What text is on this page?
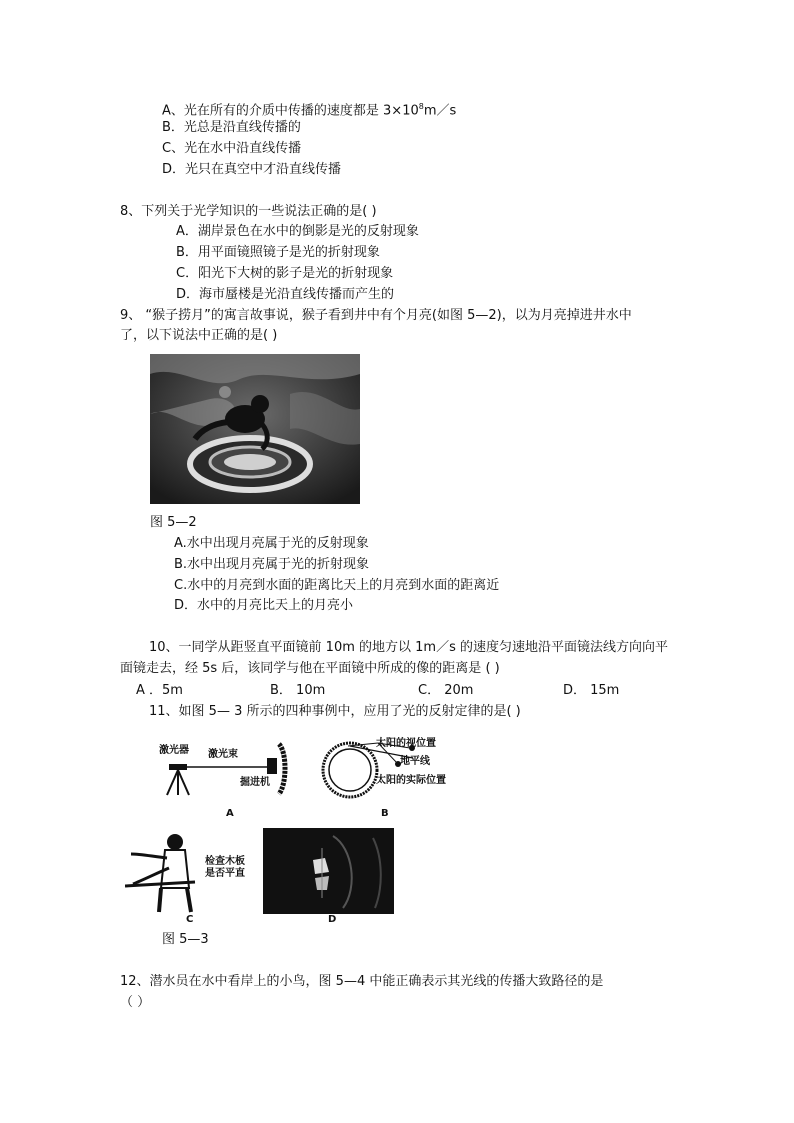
A、光在所有的介质中传播的速度都是 $3\times 10^8m/s$
B．光总是沿直线传播的
C、光在水中沿直线传播
D．光只在真空中才沿直线传播
8、下列关于光学知识的一些说法正确的是( )
A．湖岸景色在水中的倒影是光的反射现象
B．用平面镜照镜子是光的折射现象
C．阳光下大树的影子是光的折射现象
D．海市蜃楼是光沿直线传播而产生的
9、 “猴子捞月”的寓言故事说，猴子看到井中有个月亮(如图 5—2)，以为月亮掉进井水中
了，以下说法中正确的是( )
图 5—2
A.水中出现月亮属于光的反射现象
B.水中出现月亮属于光的折射现象
C.水中的月亮到水面的距离比天上的月亮到水面的距离近
D．水中的月亮比天上的月亮小
10、一同学从距竖直平面镜前 10m 的地方以 1m／s 的速度匀速地沿平面镜法线方向向平
面镜走去，经 5s 后，该同学与他在平面镜中所成的像的距离是 ( )
A ．5m	B． 10m	C． 20m	D． 15m
11、如图 5— 3 所示的四种事例中，应用了光的反射定律的是( )
激光器 激光束
掘进机
A
太阳的视位置
地平线
太阳的实际位置
B
检查木板
是否平直
C	D
图 5—3
12、潜水员在水中看岸上的小鸟，图 5—4 中能正确表示其光线的传播大致路径的是
（ ）
